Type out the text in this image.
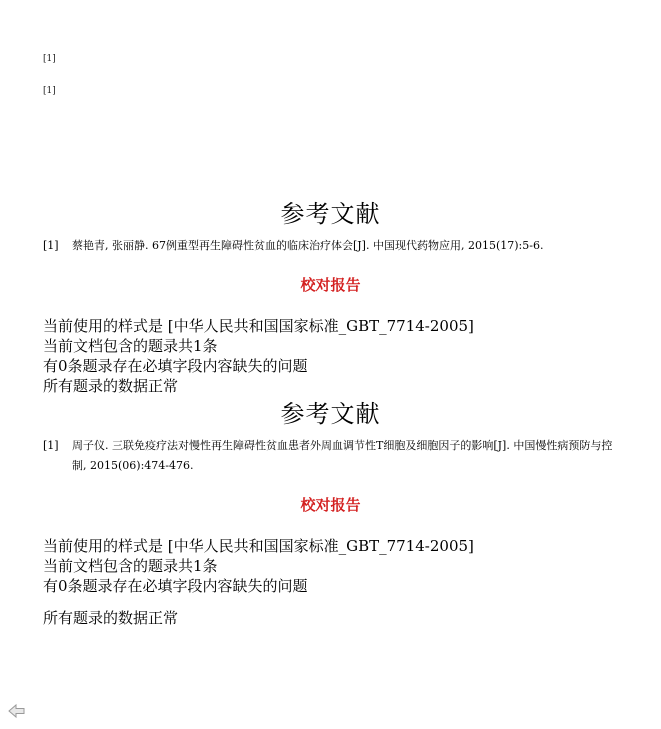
[1]
[1]
参考文献
[1]	蔡艳青, 张丽静. 67例重型再生障碍性贫血的临床治疗体会[J]. 中国现代药物应用, 2015(17):5-6.
校对报告
当前使用的样式是 [中华人民共和国国家标准_GBT_7714-2005]
当前文档包含的题录共1条
有0条题录存在必填字段内容缺失的问题
所有题录的数据正常
参考文献
[1]	周子仪. 三联免疫疗法对慢性再生障碍性贫血患者外周血调节性T细胞及细胞因子的影响[J]. 中国慢性病预防与控制, 2015(06):474-476.
校对报告
当前使用的样式是 [中华人民共和国国家标准_GBT_7714-2005]
当前文档包含的题录共1条
有0条题录存在必填字段内容缺失的问题
所有题录的数据正常
